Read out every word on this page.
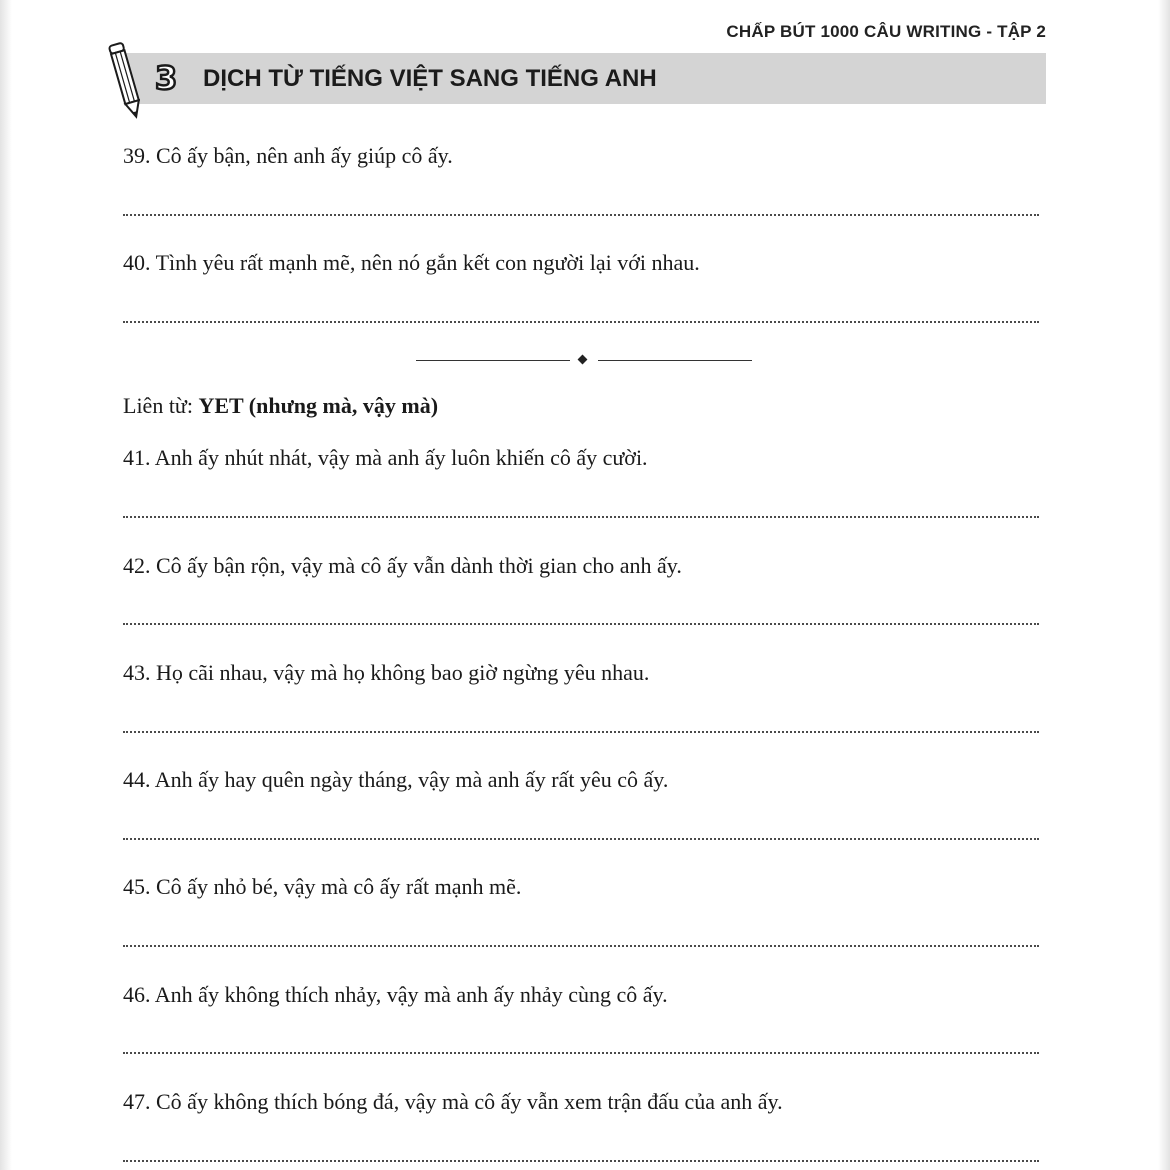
CHẤP BÚT 1000 CÂU WRITING - TẬP 2
3 DỊCH TỪ TIẾNG VIỆT SANG TIẾNG ANH
39. Cô ấy bận, nên anh ấy giúp cô ấy.
40. Tình yêu rất mạnh mẽ, nên nó gắn kết con người lại với nhau.
Liên từ: YET (nhưng mà, vậy mà)
41. Anh ấy nhút nhát, vậy mà anh ấy luôn khiến cô ấy cười.
42. Cô ấy bận rộn, vậy mà cô ấy vẫn dành thời gian cho anh ấy.
43. Họ cãi nhau, vậy mà họ không bao giờ ngừng yêu nhau.
44. Anh ấy hay quên ngày tháng, vậy mà anh ấy rất yêu cô ấy.
45. Cô ấy nhỏ bé, vậy mà cô ấy rất mạnh mẽ.
46. Anh ấy không thích nhảy, vậy mà anh ấy nhảy cùng cô ấy.
47. Cô ấy không thích bóng đá, vậy mà cô ấy vẫn xem trận đấu của anh ấy.
